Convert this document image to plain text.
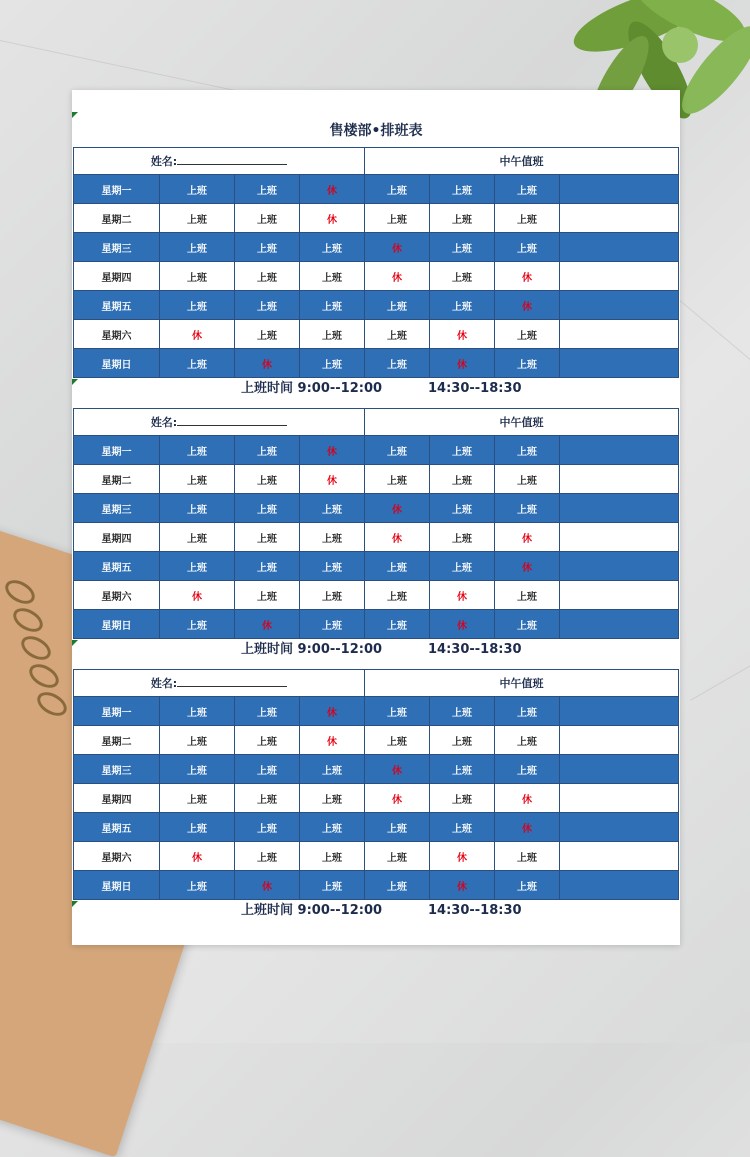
售楼部•排班表
姓名:				中午值班			
星期一	上班	上班	休	上班	上班	上班	
星期二	上班	上班	休	上班	上班	上班	
星期三	上班	上班	上班	休	上班	上班	
星期四	上班	上班	上班	休	上班	休	
星期五	上班	上班	上班	上班	上班	休	
星期六	休	上班	上班	上班	休	上班	
星期日	上班	休	上班	上班	休	上班	
上班时间 9:00--12:00	14:30--18:30
姓名:				中午值班			
星期一	上班	上班	休	上班	上班	上班	
星期二	上班	上班	休	上班	上班	上班	
星期三	上班	上班	上班	休	上班	上班	
星期四	上班	上班	上班	休	上班	休	
星期五	上班	上班	上班	上班	上班	休	
星期六	休	上班	上班	上班	休	上班	
星期日	上班	休	上班	上班	休	上班	
上班时间 9:00--12:00	14:30--18:30
姓名:				中午值班			
星期一	上班	上班	休	上班	上班	上班	
星期二	上班	上班	休	上班	上班	上班	
星期三	上班	上班	上班	休	上班	上班	
星期四	上班	上班	上班	休	上班	休	
星期五	上班	上班	上班	上班	上班	休	
星期六	休	上班	上班	上班	休	上班	
星期日	上班	休	上班	上班	休	上班	
上班时间 9:00--12:00	14:30--18:30
